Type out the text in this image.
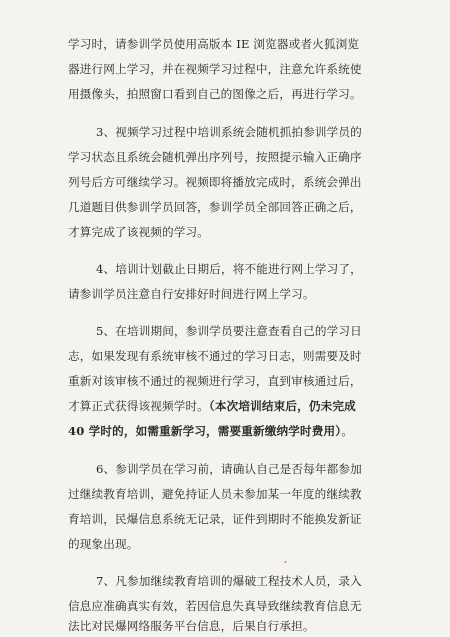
学习时，请参训学员使用高版本 IE 浏览器或者火狐浏览
器进行网上学习，并在视频学习过程中，注意允许系统使
用摄像头，拍照窗口看到自己的图像之后，再进行学习。
3、视频学习过程中培训系统会随机抓拍参训学员的
学习状态且系统会随机弹出序列号，按照提示输入正确序
列号后方可继续学习。视频即将播放完成时，系统会弹出
几道题目供参训学员回答，参训学员全部回答正确之后，
才算完成了该视频的学习。
4、培训计划截止日期后，将不能进行网上学习了，
请参训学员注意自行安排好时间进行网上学习。
5、在培训期间，参训学员要注意查看自己的学习日
志，如果发现有系统审核不通过的学习日志，则需要及时
重新对该审核不通过的视频进行学习，直到审核通过后，
才算正式获得该视频学时。（本次培训结束后，仍未完成
40 学时的，如需重新学习，需要重新缴纳学时费用）。
6、参训学员在学习前，请确认自己是否每年都参加
过继续教育培训，避免持证人员未参加某一年度的继续教
育培训，民爆信息系统无记录，证件到期时不能换发新证
的现象出现。
7、凡参加继续教育培训的爆破工程技术人员，录入
信息应准确真实有效，若因信息失真导致继续教育信息无
法比对民爆网络服务平台信息，后果自行承担。
